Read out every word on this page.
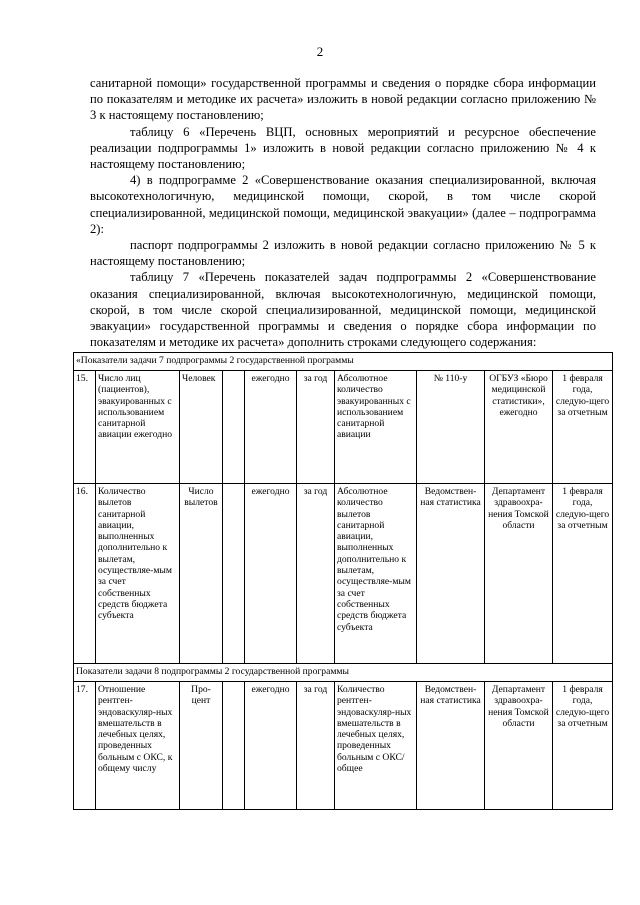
2

санитарной помощи» государственной программы и сведения о порядке сбора информации по показателям и методике их расчета» изложить в новой редакции согласно приложению № 3 к настоящему постановлению;

таблицу 6 «Перечень ВЦП, основных мероприятий и ресурсное обеспечение реализации подпрограммы 1» изложить в новой редакции согласно приложению № 4 к настоящему постановлению;

4) в подпрограмме 2 «Совершенствование оказания специализированной, включая высокотехнологичную, медицинской помощи, скорой, в том числе скорой специализированной, медицинской помощи, медицинской эвакуации» (далее – подпрограмма 2):

паспорт подпрограммы 2 изложить в новой редакции согласно приложению № 5 к настоящему постановлению;

таблицу 7 «Перечень показателей задач подпрограммы 2 «Совершенствование оказания специализированной, включая высокотехнологичную, медицинской помощи, скорой, в том числе скорой специализированной, медицинской помощи, медицинской эвакуации» государственной программы и сведения о порядке сбора информации по показателям и методике их расчета» дополнить строками следующего содержания:

«Показатели задачи 7 подпрограммы 2 государственной программы									
15.	Число лиц (пациентов), эвакуированных с использованием санитарной авиации ежегодно	Человек		ежегодно	за год	Абсолютное количество эвакуированных с использованием санитарной авиации	№ 110-у	ОГБУЗ «Бюро медицинской статистики», ежегодно	1 февраля года, следую-щего за отчетным
16.	Количество вылетов санитарной авиации, выполненных дополнительно к вылетам, осуществляе-мым за счет собственных средств бюджета субъекта	Число вылетов		ежегодно	за год	Абсолютное количество вылетов санитарной авиации, выполненных дополнительно к вылетам, осуществляе-мым за счет собственных средств бюджета субъекта	Ведомствен-ная статистика	Департамент здравоохра-нения Томской области	1 февраля года, следую-щего за отчетным
Показатели задачи 8 подпрограммы 2 государственной программы									
17.	Отношение рентген-эндоваскуляр-ных вмешательств в лечебных целях, проведенных больным с ОКС, к общему числу	Про-цент		ежегодно	за год	Количество рентген-эндоваскуляр-ных вмешательств в лечебных целях, проведенных больным с ОКС/общее	Ведомствен-ная статистика	Департамент здравоохра-нения Томской области	1 февраля года, следую-щего за отчетным
